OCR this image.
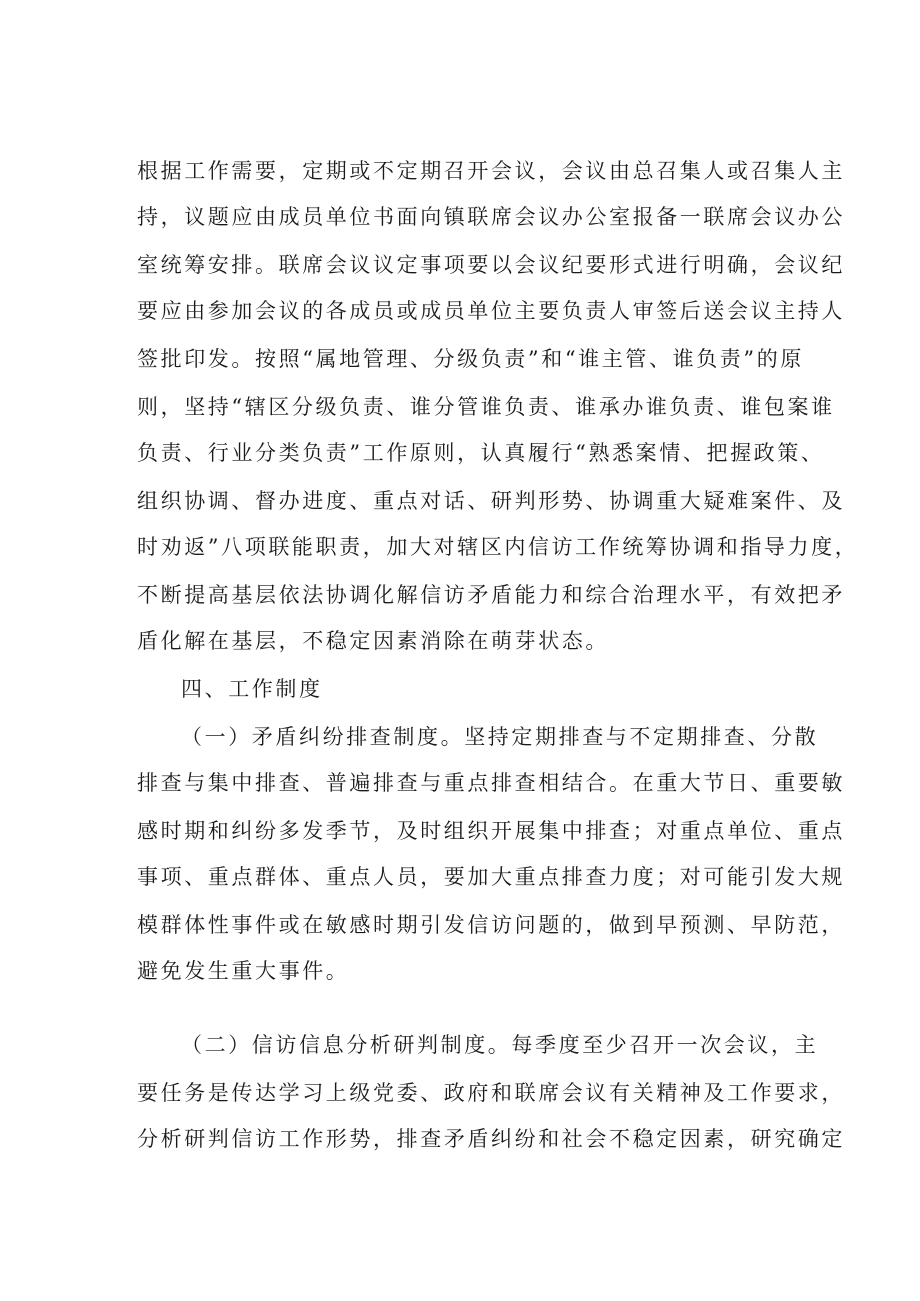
根据工作需要，定期或不定期召开会议，会议由总召集人或召集人主
持，议题应由成员单位书面向镇联席会议办公室报备一联席会议办公
室统筹安排。联席会议议定事项要以会议纪要形式进行明确，会议纪
要应由参加会议的各成员或成员单位主要负责人审签后送会议主持人
签批印发。按照“属地管理、分级负责”和“谁主管、谁负责”的原
则，坚持“辖区分级负责、谁分管谁负责、谁承办谁负责、谁包案谁
负责、行业分类负责”工作原则，认真履行“熟悉案情、把握政策、
组织协调、督办进度、重点对话、研判形势、协调重大疑难案件、及
时劝返”八项联能职责，加大对辖区内信访工作统筹协调和指导力度，
不断提高基层依法协调化解信访矛盾能力和综合治理水平，有效把矛
盾化解在基层，不稳定因素消除在萌芽状态。
四、工作制度
（一）矛盾纠纷排查制度。坚持定期排查与不定期排查、分散
排查与集中排查、普遍排查与重点排查相结合。在重大节日、重要敏
感时期和纠纷多发季节，及时组织开展集中排查；对重点单位、重点
事项、重点群体、重点人员，要加大重点排查力度；对可能引发大规
模群体性事件或在敏感时期引发信访问题的，做到早预测、早防范，
避免发生重大事件。
（二）信访信息分析研判制度。每季度至少召开一次会议，主
要任务是传达学习上级党委、政府和联席会议有关精神及工作要求，
分析研判信访工作形势，排查矛盾纠纷和社会不稳定因素，研究确定
